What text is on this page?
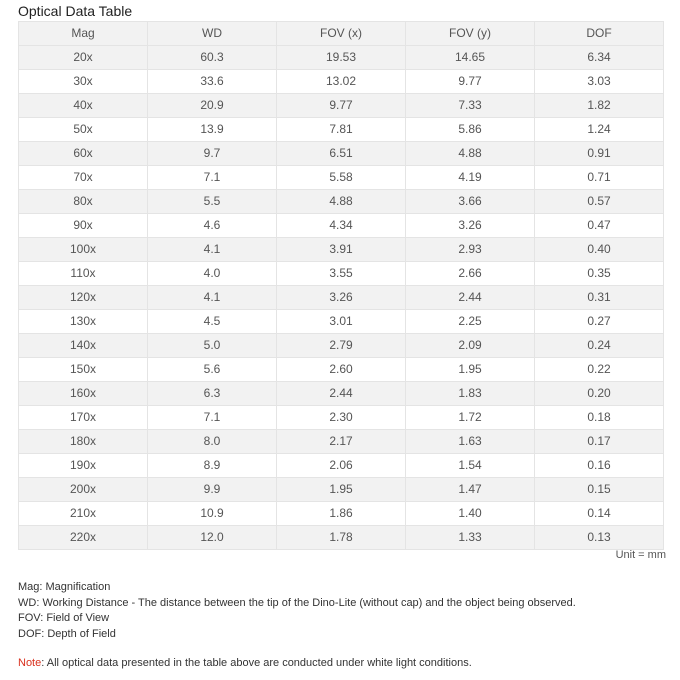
Optical Data Table
Mag	WD	FOV (x)	FOV (y)	DOF
20x	60.3	19.53	14.65	6.34
30x	33.6	13.02	9.77	3.03
40x	20.9	9.77	7.33	1.82
50x	13.9	7.81	5.86	1.24
60x	9.7	6.51	4.88	0.91
70x	7.1	5.58	4.19	0.71
80x	5.5	4.88	3.66	0.57
90x	4.6	4.34	3.26	0.47
100x	4.1	3.91	2.93	0.40
110x	4.0	3.55	2.66	0.35
120x	4.1	3.26	2.44	0.31
130x	4.5	3.01	2.25	0.27
140x	5.0	2.79	2.09	0.24
150x	5.6	2.60	1.95	0.22
160x	6.3	2.44	1.83	0.20
170x	7.1	2.30	1.72	0.18
180x	8.0	2.17	1.63	0.17
190x	8.9	2.06	1.54	0.16
200x	9.9	1.95	1.47	0.15
210x	10.9	1.86	1.40	0.14
220x	12.0	1.78	1.33	0.13
Unit = mm
Mag: Magnification
WD: Working Distance - The distance between the tip of the Dino-Lite (without cap) and the object being observed.
FOV: Field of View
DOF: Depth of Field
Note: All optical data presented in the table above are conducted under white light conditions.
